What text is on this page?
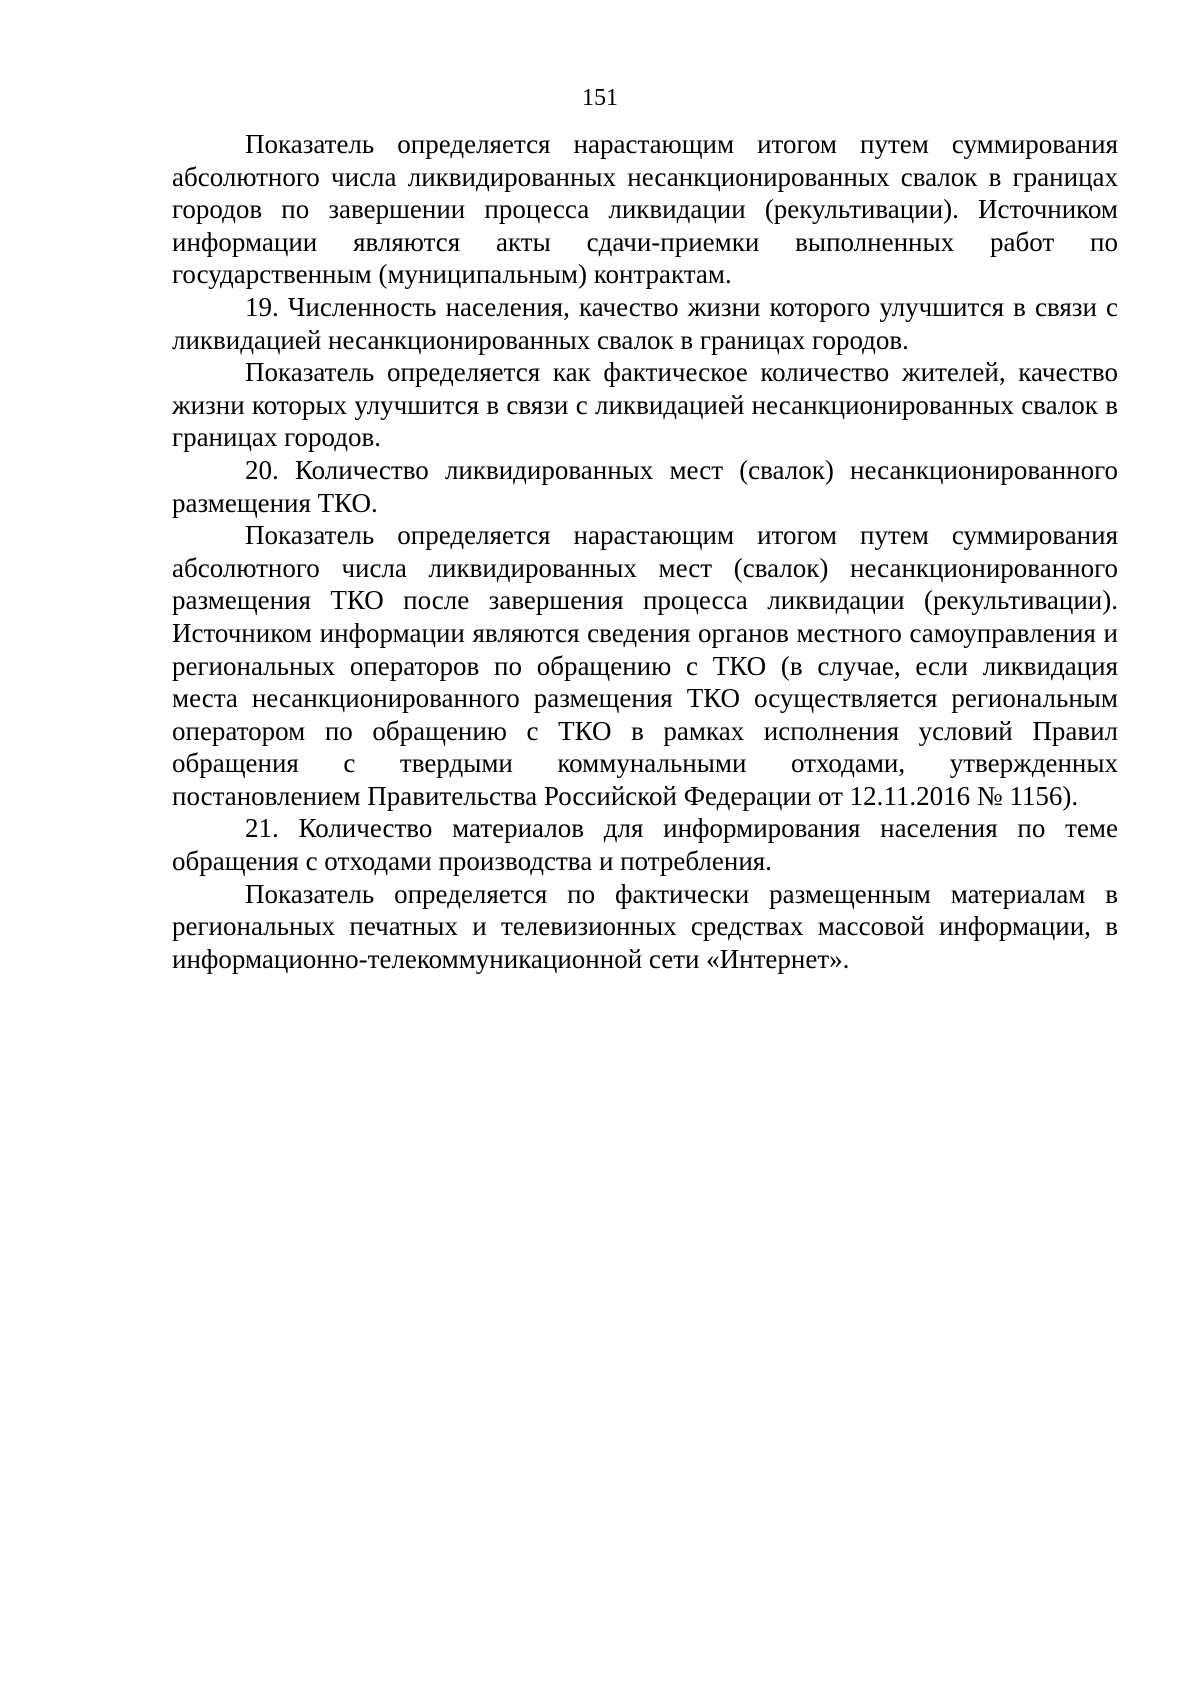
151

Показатель определяется нарастающим итогом путем суммирования абсолютного числа ликвидированных несанкционированных свалок в границах городов по завершении процесса ликвидации (рекультивации). Источником информации являются акты сдачи-приемки выполненных работ по государственным (муниципальным) контрактам.

19. Численность населения, качество жизни которого улучшится в связи с ликвидацией несанкционированных свалок в границах городов.

Показатель определяется как фактическое количество жителей, качество жизни которых улучшится в связи с ликвидацией несанкционированных свалок в границах городов.

20. Количество ликвидированных мест (свалок) несанкционированного размещения ТКО.

Показатель определяется нарастающим итогом путем суммирования абсолютного числа ликвидированных мест (свалок) несанкционированного размещения ТКО после завершения процесса ликвидации (рекультивации). Источником информации являются сведения органов местного самоуправления и региональных операторов по обращению с ТКО (в случае, если ликвидация места несанкционированного размещения ТКО осуществляется региональным оператором по обращению с ТКО в рамках исполнения условий Правил обращения с твердыми коммунальными отходами, утвержденных постановлением Правительства Российской Федерации от 12.11.2016 № 1156).

21. Количество материалов для информирования населения по теме обращения с отходами производства и потребления.

Показатель определяется по фактически размещенным материалам в региональных печатных и телевизионных средствах массовой информации, в информационно-телекоммуникационной сети «Интернет».
